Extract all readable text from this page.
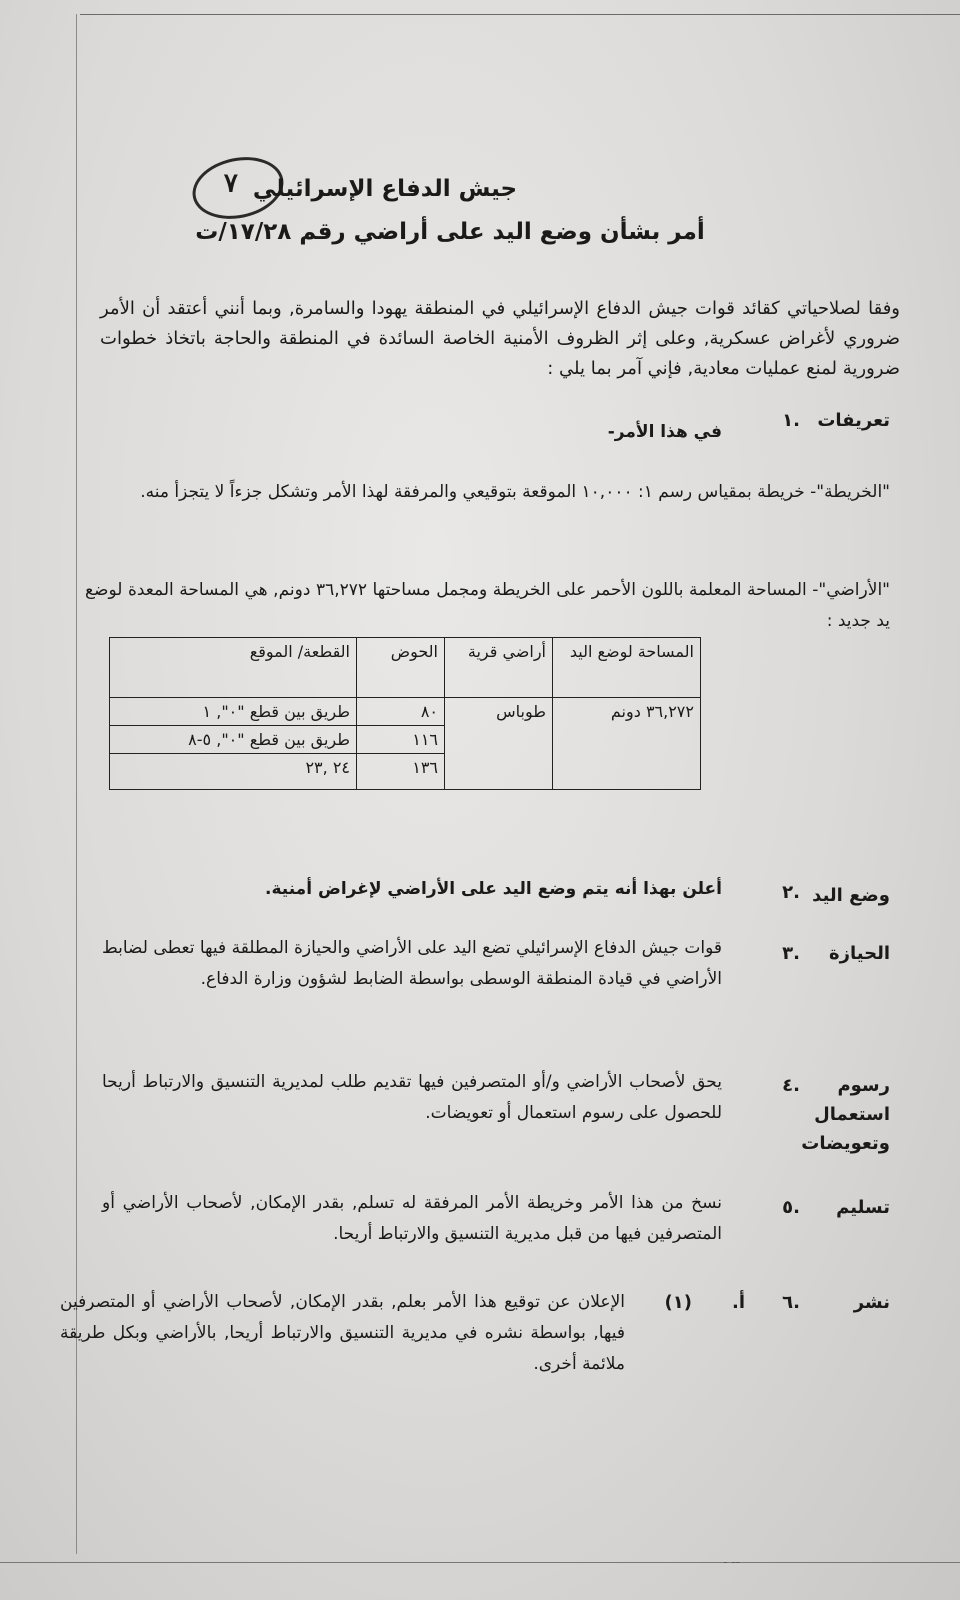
- --
٧ جيش الدفاع الإسرائيلي
أمر بشأن وضع اليد على أراضي رقم ١٧/٢٨/ت
وفقا لصلاحياتي كقائد قوات جيش الدفاع الإسرائيلي في المنطقة يهودا والسامرة, وبما أنني أعتقد أن الأمر ضروري لأغراض عسكرية, وعلى إثر الظروف الأمنية الخاصة السائدة في المنطقة والحاجة باتخاذ خطوات ضرورية لمنع عمليات معادية, فإني آمر بما يلي :
تعريفات
.١
في هذا الأمر-
"الخريطة"- خريطة بمقياس رسم ١: ١٠,٠٠٠ الموقعة بتوقيعي والمرفقة لهذا الأمر وتشكل جزءاً لا يتجزأ منه.
"الأراضي"- المساحة المعلمة باللون الأحمر على الخريطة ومجمل مساحتها ٣٦,٢٧٢ دونم, هي المساحة المعدة لوضع يد جديد :
المساحة لوضع اليد	أراضي قرية	الحوض	القطعة/ الموقع
٣٦,٢٧٢ دونم	طوباس	٨٠	طريق بين قطع "٠", ١
		١١٦	طريق بين قطع "٠", ٥-٨
		١٣٦	٢٤ ,٢٣
وضع اليد
.٢
أعلن بهذا أنه يتم وضع اليد على الأراضي لإغراض أمنية.
الحيازة
.٣
قوات جيش الدفاع الإسرائيلي تضع اليد على الأراضي والحيازة المطلقة فيها تعطى لضابط الأراضي في قيادة المنطقة الوسطى بواسطة الضابط لشؤون وزارة الدفاع.
رسوم
استعمال
وتعويضات
.٤
يحق لأصحاب الأراضي و/أو المتصرفين فيها تقديم طلب لمديرية التنسيق والارتباط أريحا للحصول على رسوم استعمال أو تعويضات.
تسليم
.٥
نسخ من هذا الأمر وخريطة الأمر المرفقة له تسلم, بقدر الإمكان, لأصحاب الأراضي أو المتصرفين فيها من قبل مديرية التنسيق والارتباط أريحا.
نشر
.٦
أ.
(١)
الإعلان عن توقيع هذا الأمر بعلم, بقدر الإمكان, لأصحاب الأراضي أو المتصرفين فيها, بواسطة نشره في مديرية التنسيق والارتباط أريحا, بالأراضي وبكل طريقة ملائمة أخرى.
